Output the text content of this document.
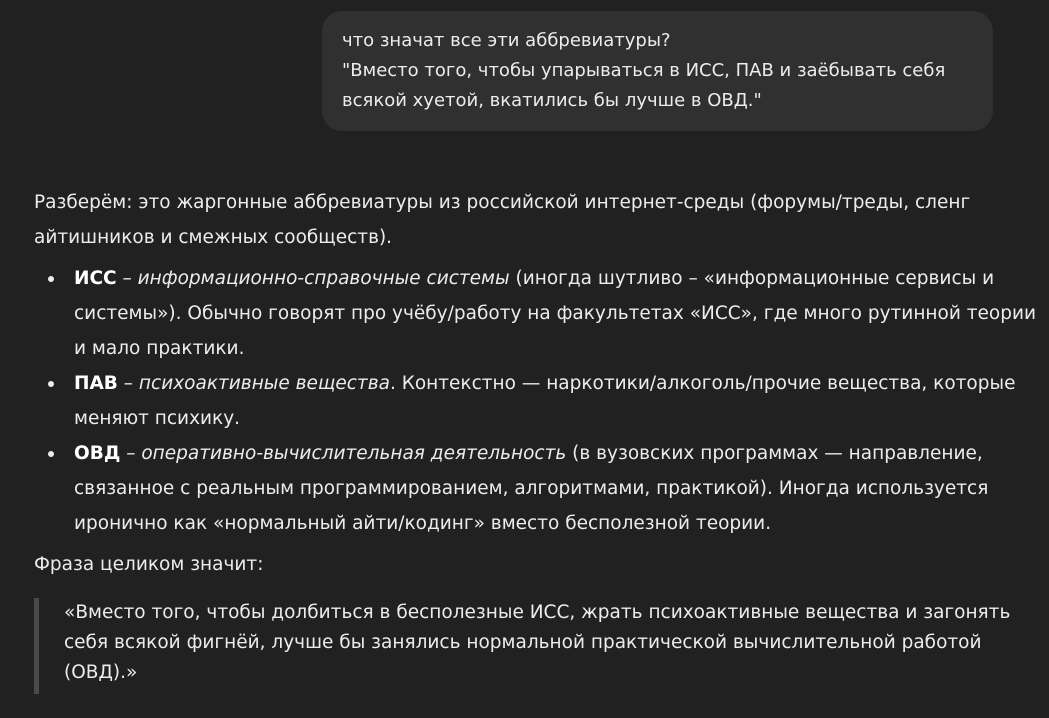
что значат все эти аббревиатуры?
"Вместо того, чтобы упарываться в ИСС, ПАВ и заёбывать себя
всякой хуетой, вкатились бы лучше в ОВД."

Разберём: это жаргонные аббревиатуры из российской интернет-среды (форумы/треды, сленг
айтишников и смежных сообществ).

ИСС – информационно-справочные системы (иногда шутливо – «информационные сервисы и
системы»). Обычно говорят про учёбу/работу на факультетах «ИСС», где много рутинной теории
и мало практики.
ПАВ – психоактивные вещества. Контекстно — наркотики/алкоголь/прочие вещества, которые
меняют психику.
ОВД – оперативно-вычислительная деятельность (в вузовских программах — направление,
связанное с реальным программированием, алгоритмами, практикой). Иногда используется
иронично как «нормальный айти/кодинг» вместо бесполезной теории.

Фраза целиком значит:

«Вместо того, чтобы долбиться в бесполезные ИСС, жрать психоактивные вещества и загонять
себя всякой фигнёй, лучше бы занялись нормальной практической вычислительной работой
(ОВД).»
